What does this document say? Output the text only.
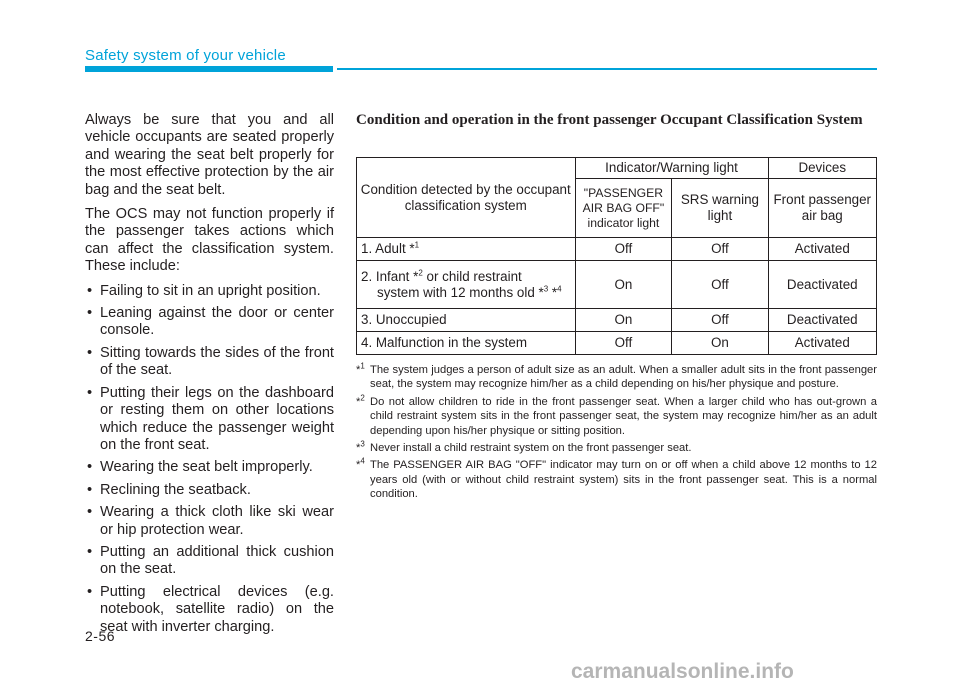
Safety system of your vehicle

Always be sure that you and all vehicle occupants are seated properly and wearing the seat belt properly for the most effective protection by the air bag and the seat belt.

The OCS may not function properly if the passenger takes actions which can affect the classification system. These include:

• Failing to sit in an upright position.
• Leaning against the door or center console.
• Sitting towards the sides of the front of the seat.
• Putting their legs on the dashboard or resting them on other locations which reduce the passenger weight on the front seat.
• Wearing the seat belt improperly.
• Reclining the seatback.
• Wearing a thick cloth like ski wear or hip protection wear.
• Putting an additional thick cushion on the seat.
• Putting electrical devices (e.g. notebook, satellite radio) on the seat with inverter charging.
Condition and operation in the front passenger Occupant Classification System
Condition detected by the occupant classification system	Indicator/Warning light		Devices
	"PASSENGER AIR BAG OFF" indicator light	SRS warning light	Front passenger air bag
1. Adult *$^1$	Off	Off	Activated
2. Infant *$^2$ or child restraint
system with 12 months old *$^3$ *$^4$	On	Off	Deactivated
3. Unoccupied	On	Off	Deactivated
4. Malfunction in the system	Off	On	Activated
*$^1$ The system judges a person of adult size as an adult. When a smaller adult sits in the front passenger seat, the system may recognize him/her as a child depending on his/her physique and posture.
*$^2$ Do not allow children to ride in the front passenger seat. When a larger child who has out-grown a child restraint system sits in the front passenger seat, the system may recognize him/her as an adult depending upon his/her physique or sitting position.
*$^3$ Never install a child restraint system on the front passenger seat.
*$^4$ The PASSENGER AIR BAG "OFF" indicator may turn on or off when a child above 12 months to 12 years old (with or without child restraint system) sits in the front passenger seat. This is a normal condition.
2-56
carmanualsonline.info
